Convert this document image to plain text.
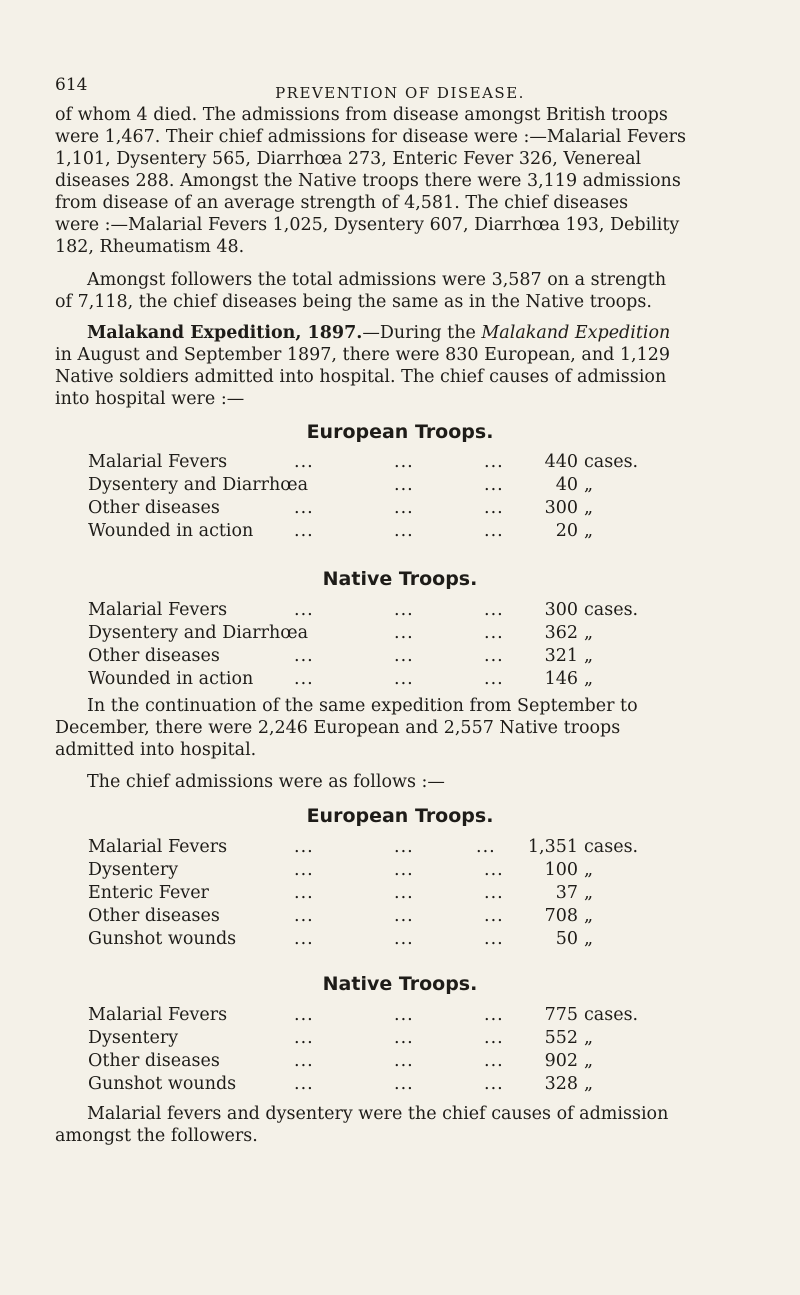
614	PREVENTION OF DISEASE.
of whom 4 died. The admissions from disease amongst British troops
were 1,467. Their chief admissions for disease were :—Malarial Fevers
1,101, Dysentery 565, Diarrhœa 273, Enteric Fever 326, Venereal
diseases 288. Amongst the Native troops there were 3,119 admissions
from disease of an average strength of 4,581. The chief diseases
were :—Malarial Fevers 1,025, Dysentery 607, Diarrhœa 193, Debility
182, Rheumatism 48.
Amongst followers the total admissions were 3,587 on a strength
of 7,118, the chief diseases being the same as in the Native troops.
Malakand Expedition, 1897.—During the Malakand Expedition
in August and September 1897, there were 830 European, and 1,129
Native soldiers admitted into hospital. The chief causes of admission
into hospital were :—
European Troops.
Malarial Fevers	...	...	...	440 cases.
Dysentery and Diarrhœa	...	...	40 „
Other diseases	...	...	...	300 „
Wounded in action ...	...	...	20 „
Native Troops.
Malarial Fevers	...	...	...	300 cases.
Dysentery and Diarrhœa	...	...	362 „
Other diseases	...	...	...	321 „
Wounded in action ...	...	...	146 „
In the continuation of the same expedition from September to
December, there were 2,246 European and 2,557 Native troops
admitted into hospital.
The chief admissions were as follows :—
European Troops.
Malarial Fevers	...	...	...	1,351 cases.
Dysentery	...	...	...	100 „
Enteric Fever	...	...	...	37 „
Other diseases	...	...	...	708 „
Gunshot wounds	...	...	...	50 „
Native Troops.
Malarial Fevers	...	...	...	775 cases.
Dysentery	...	...	...	552 „
Other diseases	...	...	...	902 „
Gunshot wounds	...	...	...	328 „
Malarial fevers and dysentery were the chief causes of admission
amongst the followers.
